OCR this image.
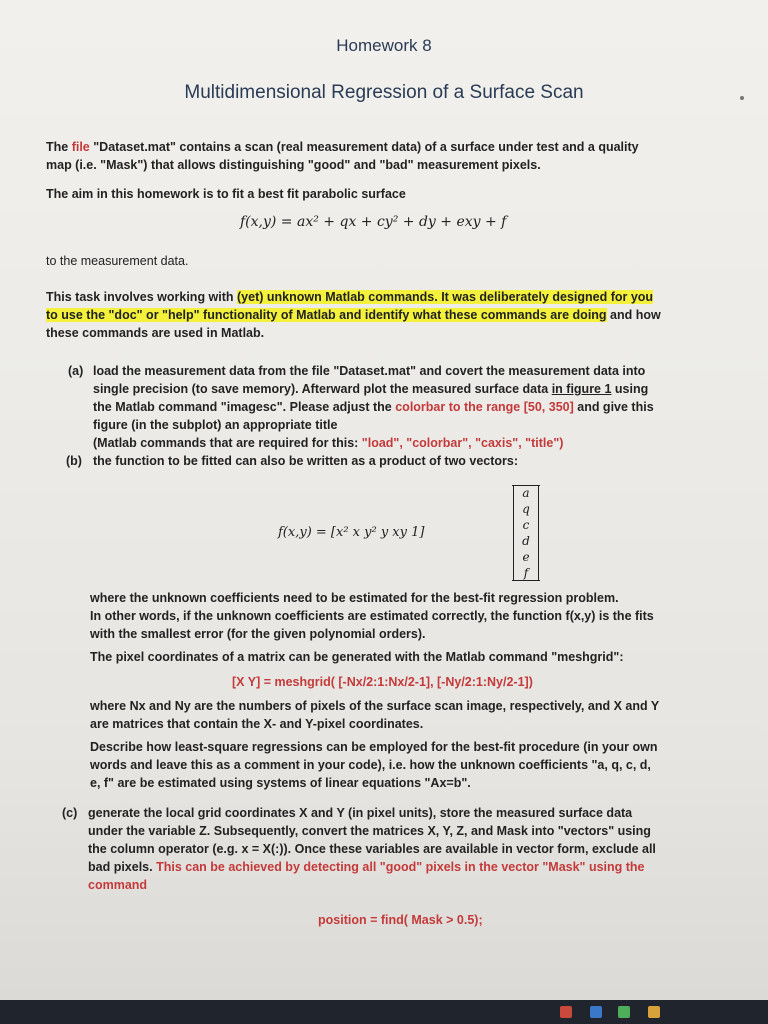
Homework 8
Multidimensional Regression of a Surface Scan
The file "Dataset.mat" contains a scan (real measurement data) of a surface under test and a quality
map (i.e. "Mask") that allows distinguishing "good" and "bad" measurement pixels.
The aim in this homework is to fit a best fit parabolic surface
f(x,y) = ax² + qx + cy² + dy + exy + f
to the measurement data.
This task involves working with (yet) unknown Matlab commands. It was deliberately designed for you
to use the "doc" or "help" functionality of Matlab and identify what these commands are doing and how
these commands are used in Matlab.
(a) load the measurement data from the file "Dataset.mat" and covert the measurement data into
single precision (to save memory). Afterward plot the measured surface data in figure 1 using
the Matlab command "imagesc". Please adjust the colorbar to the range [50, 350] and give this
figure (in the subplot) an appropriate title
(Matlab commands that are required for this: "load", "colorbar", "caxis", "title")
(b) the function to be fitted can also be written as a product of two vectors:
f(x,y) = [x² x y² y xy 1]
a
q
c
d
e
f
where the unknown coefficients need to be estimated for the best-fit regression problem.
In other words, if the unknown coefficients are estimated correctly, the function f(x,y) is the fits
with the smallest error (for the given polynomial orders).
The pixel coordinates of a matrix can be generated with the Matlab command "meshgrid":
[X Y] = meshgrid( [-Nx/2:1:Nx/2-1], [-Ny/2:1:Ny/2-1])
where Nx and Ny are the numbers of pixels of the surface scan image, respectively, and X and Y
are matrices that contain the X- and Y-pixel coordinates.
Describe how least-square regressions can be employed for the best-fit procedure (in your own
words and leave this as a comment in your code), i.e. how the unknown coefficients "a, q, c, d,
e, f" are be estimated using systems of linear equations "Ax=b".
(c) generate the local grid coordinates X and Y (in pixel units), store the measured surface data
under the variable Z. Subsequently, convert the matrices X, Y, Z, and Mask into "vectors" using
the column operator (e.g. x = X(:)). Once these variables are available in vector form, exclude all
bad pixels. This can be achieved by detecting all "good" pixels in the vector "Mask" using the
command
position = find( Mask > 0.5);
